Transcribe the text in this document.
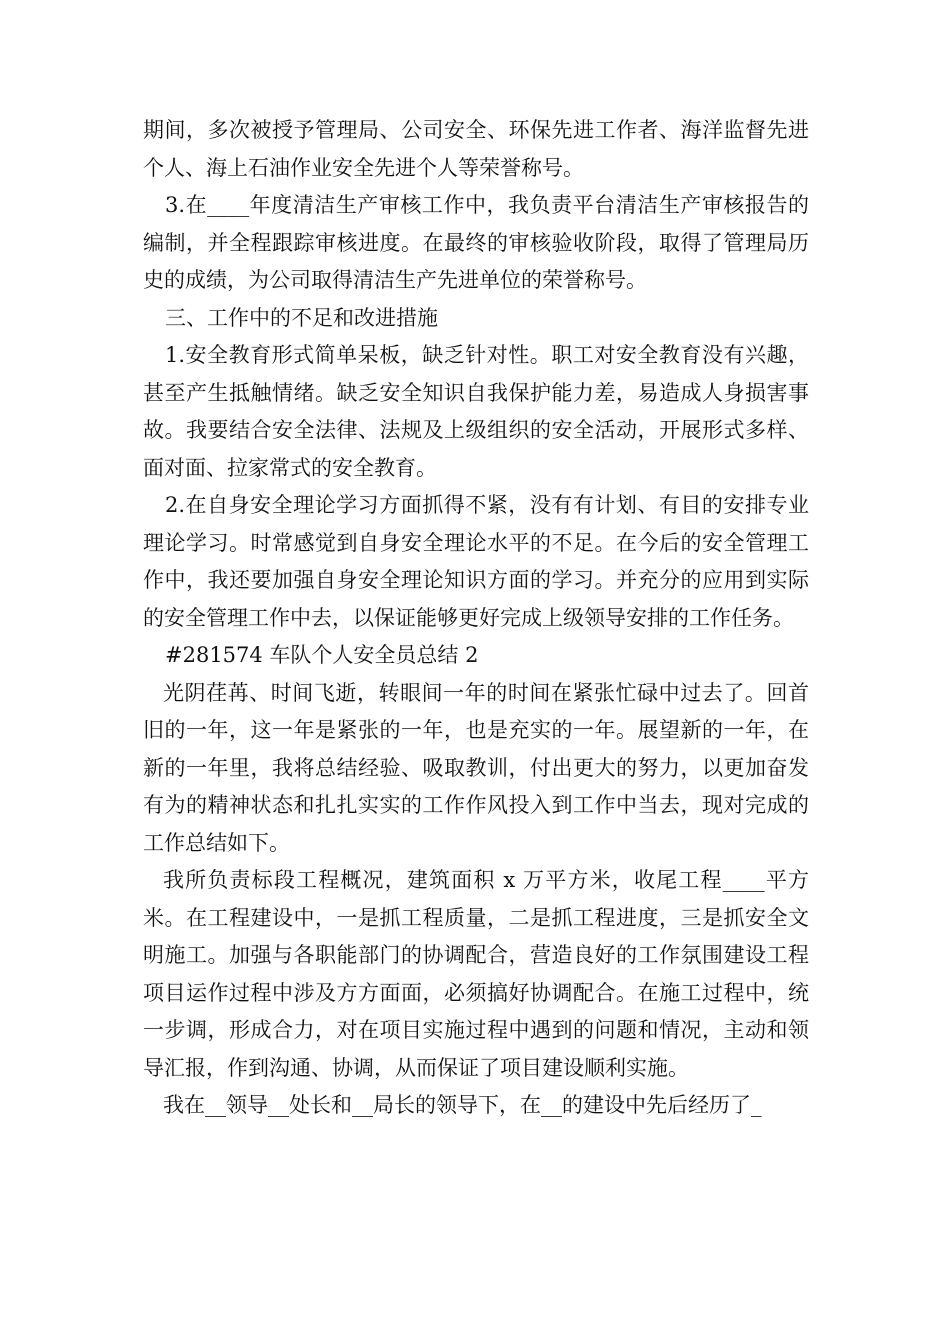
期间，多次被授予管理局、公司安全、环保先进工作者、海洋监督先进个人、海上石油作业安全先进个人等荣誉称号。

3.在____年度清洁生产审核工作中，我负责平台清洁生产审核报告的编制，并全程跟踪审核进度。在最终的审核验收阶段，取得了管理局历史的成绩，为公司取得清洁生产先进单位的荣誉称号。

三、工作中的不足和改进措施

1.安全教育形式简单呆板，缺乏针对性。职工对安全教育没有兴趣，甚至产生抵触情绪。缺乏安全知识自我保护能力差，易造成人身损害事故。我要结合安全法律、法规及上级组织的安全活动，开展形式多样、面对面、拉家常式的安全教育。

2.在自身安全理论学习方面抓得不紧，没有有计划、有目的安排专业理论学习。时常感觉到自身安全理论水平的不足。在今后的安全管理工作中，我还要加强自身安全理论知识方面的学习。并充分的应用到实际的安全管理工作中去，以保证能够更好完成上级领导安排的工作任务。

#281574 车队个人安全员总结 2

光阴荏苒、时间飞逝，转眼间一年的时间在紧张忙碌中过去了。回首旧的一年，这一年是紧张的一年，也是充实的一年。展望新的一年，在新的一年里，我将总结经验、吸取教训，付出更大的努力，以更加奋发有为的精神状态和扎扎实实的工作作风投入到工作中当去，现对完成的工作总结如下。

我所负责标段工程概况，建筑面积 x 万平方米，收尾工程____平方米。在工程建设中，一是抓工程质量，二是抓工程进度，三是抓安全文明施工。加强与各职能部门的协调配合，营造良好的工作氛围建设工程项目运作过程中涉及方方面面，必须搞好协调配合。在施工过程中，统一步调，形成合力，对在项目实施过程中遇到的问题和情况，主动和领导汇报，作到沟通、协调，从而保证了项目建设顺利实施。

我在__领导__处长和__局长的领导下，在__的建设中先后经历了_
